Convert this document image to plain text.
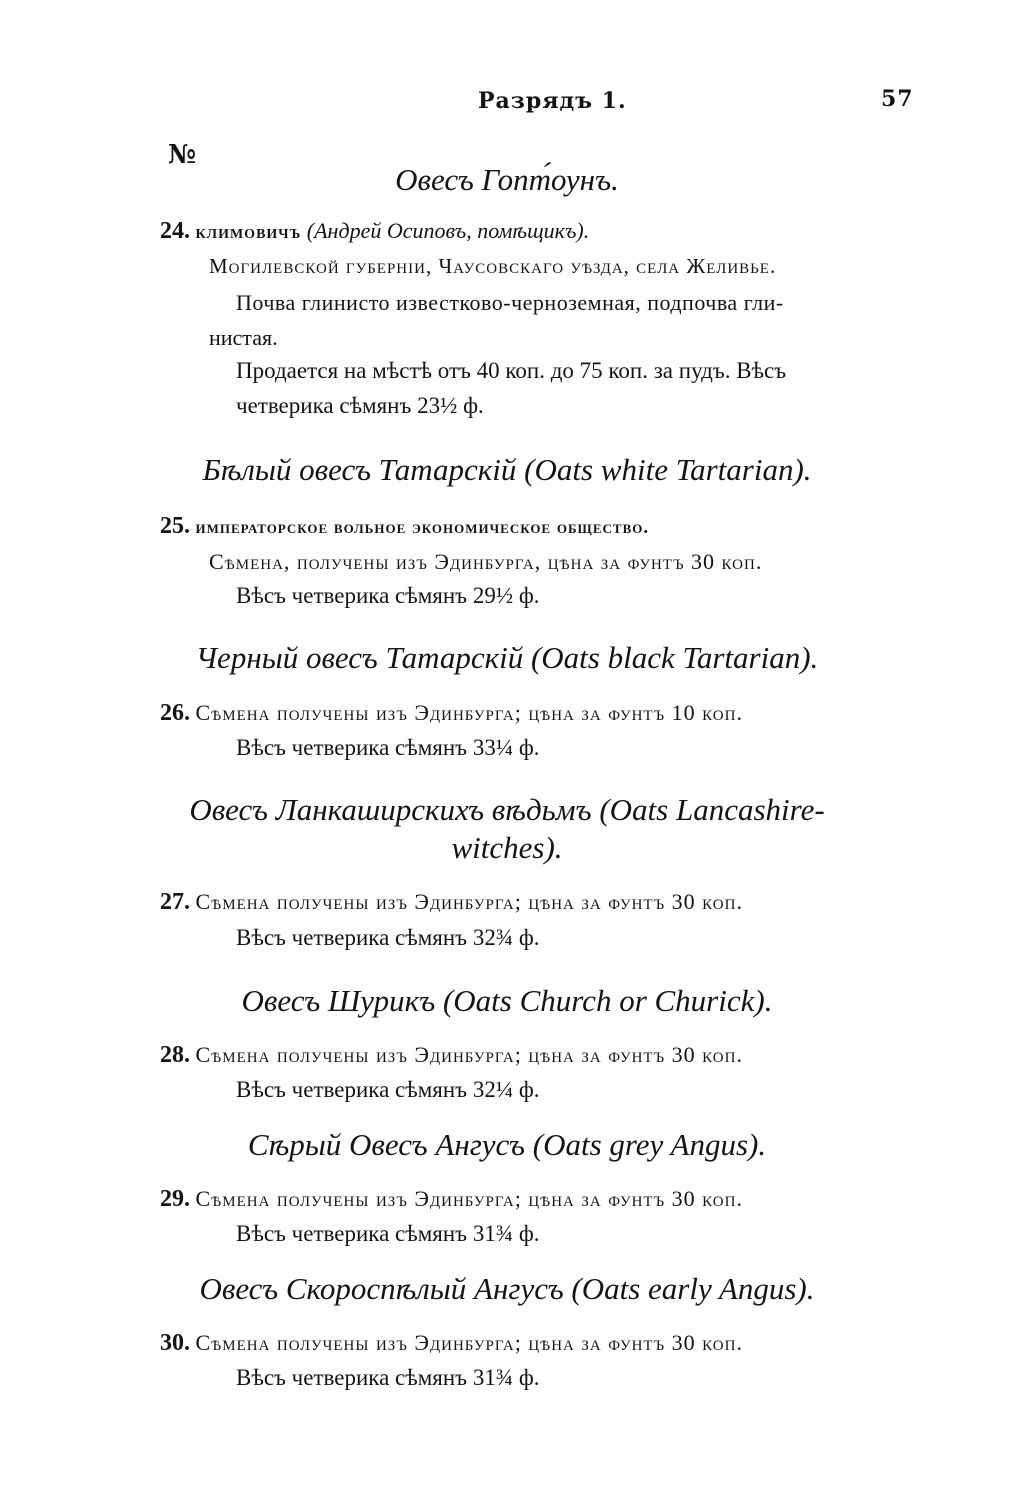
Разрядъ 1.	57
№
Овесъ Гопт́оунъ.
24. климовичъ (Андрей Осиповъ, помѣщикъ).
Могилевской губерніи, Чаусовскаго уѣзда, села Желивье.
Почва глинисто известково-черноземная, подпочва гли-
нистая.
Продается на мѣстѣ отъ 40 коп. до 75 коп. за пудъ. Вѣсъ
четверика сѣмянъ 23½ ф.
Бѣлый овесъ Татарскій (Oats white Tartarian).
25. императорское вольное экономическое общество.
Сѣмена, получены изъ Эдинбурга, цѣна за фунтъ 30 коп.
Вѣсъ четверика сѣмянъ 29½ ф.
Черный овесъ Татарскій (Oats black Tartarian).
26. Сѣмена получены изъ Эдинбурга; цѣна за фунтъ 10 коп.
Вѣсъ четверика сѣмянъ 33¼ ф.
Овесъ Ланкаширскихъ вѣдьмъ (Oats Lancashire-
witches).
27. Сѣмена получены изъ Эдинбурга; цѣна за фунтъ 30 коп.
Вѣсъ четверика сѣмянъ 32¾ ф.
Овесъ Шурикъ (Oats Church or Churick).
28. Сѣмена получены изъ Эдинбурга; цѣна за фунтъ 30 коп.
Вѣсъ четверика сѣмянъ 32¼ ф.
Сѣрый Овесъ Ангусъ (Oats grey Angus).
29. Сѣмена получены изъ Эдинбурга; цѣна за фунтъ 30 коп.
Вѣсъ четверика сѣмянъ 31¾ ф.
Овесъ Скороспѣлый Ангусъ (Oats early Angus).
30. Сѣмена получены изъ Эдинбурга; цѣна за фунтъ 30 коп.
Вѣсъ четверика сѣмянъ 31¾ ф.
